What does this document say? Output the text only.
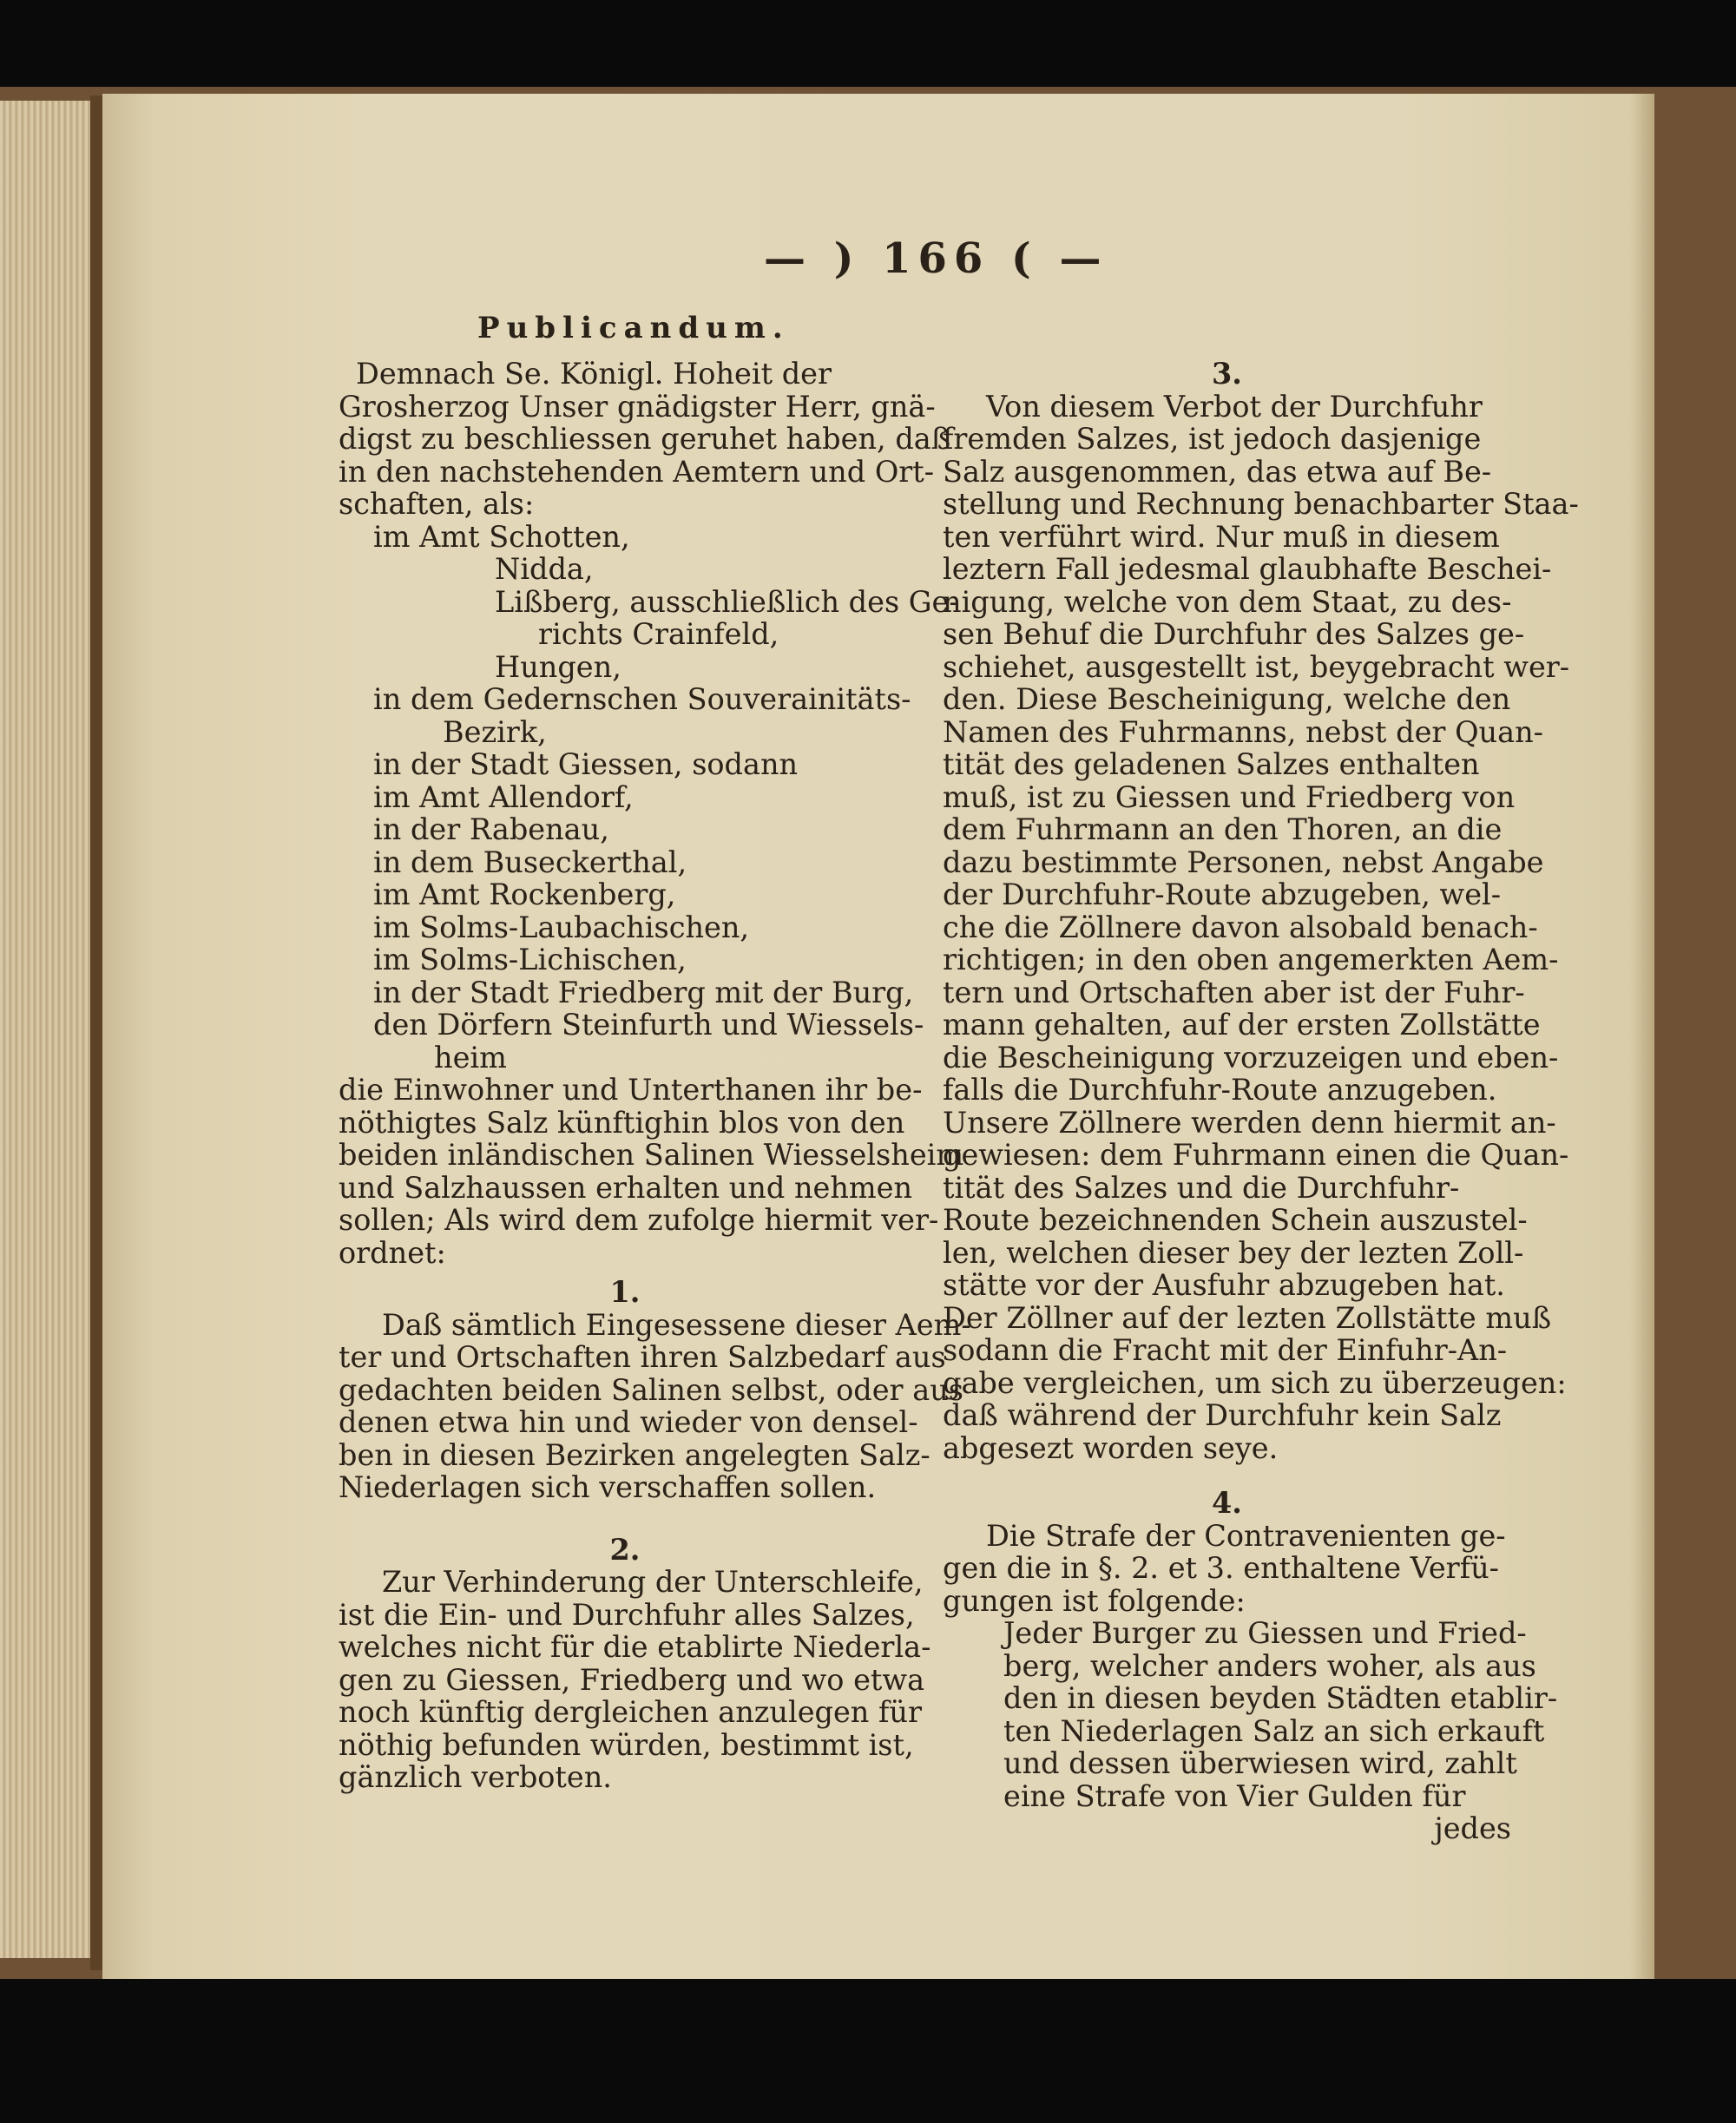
— ) 166 ( —
Publicandum.
Demnach Se. Königl. Hoheit der
Grosherzog Unser gnädigster Herr, gnä-
digst zu beschliessen geruhet haben, daß
in den nachstehenden Aemtern und Ort-
schaften, als:
im Amt Schotten,
Nidda,
Lißberg, ausschließlich des Ge-
richts Crainfeld,
Hungen,
in dem Gedernschen Souverainitäts-
Bezirk,
in der Stadt Giessen, sodann
im Amt Allendorf,
in der Rabenau,
in dem Buseckerthal,
im Amt Rockenberg,
im Solms-Laubachischen,
im Solms-Lichischen,
in der Stadt Friedberg mit der Burg,
den Dörfern Steinfurth und Wiessels-
heim
die Einwohner und Unterthanen ihr be-
nöthigtes Salz künftighin blos von den
beiden inländischen Salinen Wiesselsheim
und Salzhaussen erhalten und nehmen
sollen; Als wird dem zufolge hiermit ver-
ordnet:
1.
Daß sämtlich Eingesessene dieser Aem-
ter und Ortschaften ihren Salzbedarf aus
gedachten beiden Salinen selbst, oder aus
denen etwa hin und wieder von densel-
ben in diesen Bezirken angelegten Salz-
Niederlagen sich verschaffen sollen.
2.
Zur Verhinderung der Unterschleife,
ist die Ein- und Durchfuhr alles Salzes,
welches nicht für die etablirte Niederla-
gen zu Giessen, Friedberg und wo etwa
noch künftig dergleichen anzulegen für
nöthig befunden würden, bestimmt ist,
gänzlich verboten.
3.
Von diesem Verbot der Durchfuhr
fremden Salzes, ist jedoch dasjenige
Salz ausgenommen, das etwa auf Be-
stellung und Rechnung benachbarter Staa-
ten verführt wird. Nur muß in diesem
leztern Fall jedesmal glaubhafte Beschei-
nigung, welche von dem Staat, zu des-
sen Behuf die Durchfuhr des Salzes ge-
schiehet, ausgestellt ist, beygebracht wer-
den. Diese Bescheinigung, welche den
Namen des Fuhrmanns, nebst der Quan-
tität des geladenen Salzes enthalten
muß, ist zu Giessen und Friedberg von
dem Fuhrmann an den Thoren, an die
dazu bestimmte Personen, nebst Angabe
der Durchfuhr-Route abzugeben, wel-
che die Zöllnere davon alsobald benach-
richtigen; in den oben angemerkten Aem-
tern und Ortschaften aber ist der Fuhr-
mann gehalten, auf der ersten Zollstätte
die Bescheinigung vorzuzeigen und eben-
falls die Durchfuhr-Route anzugeben.
Unsere Zöllnere werden denn hiermit an-
gewiesen: dem Fuhrmann einen die Quan-
tität des Salzes und die Durchfuhr-
Route bezeichnenden Schein auszustel-
len, welchen dieser bey der lezten Zoll-
stätte vor der Ausfuhr abzugeben hat.
Der Zöllner auf der lezten Zollstätte muß
sodann die Fracht mit der Einfuhr-An-
gabe vergleichen, um sich zu überzeugen:
daß während der Durchfuhr kein Salz
abgesezt worden seye.
4.
Die Strafe der Contravenienten ge-
gen die in §. 2. et 3. enthaltene Verfü-
gungen ist folgende:
Jeder Burger zu Giessen und Fried-
berg, welcher anders woher, als aus
den in diesen beyden Städten etablir-
ten Niederlagen Salz an sich erkauft
und dessen überwiesen wird, zahlt
eine Strafe von Vier Gulden für
jedes
